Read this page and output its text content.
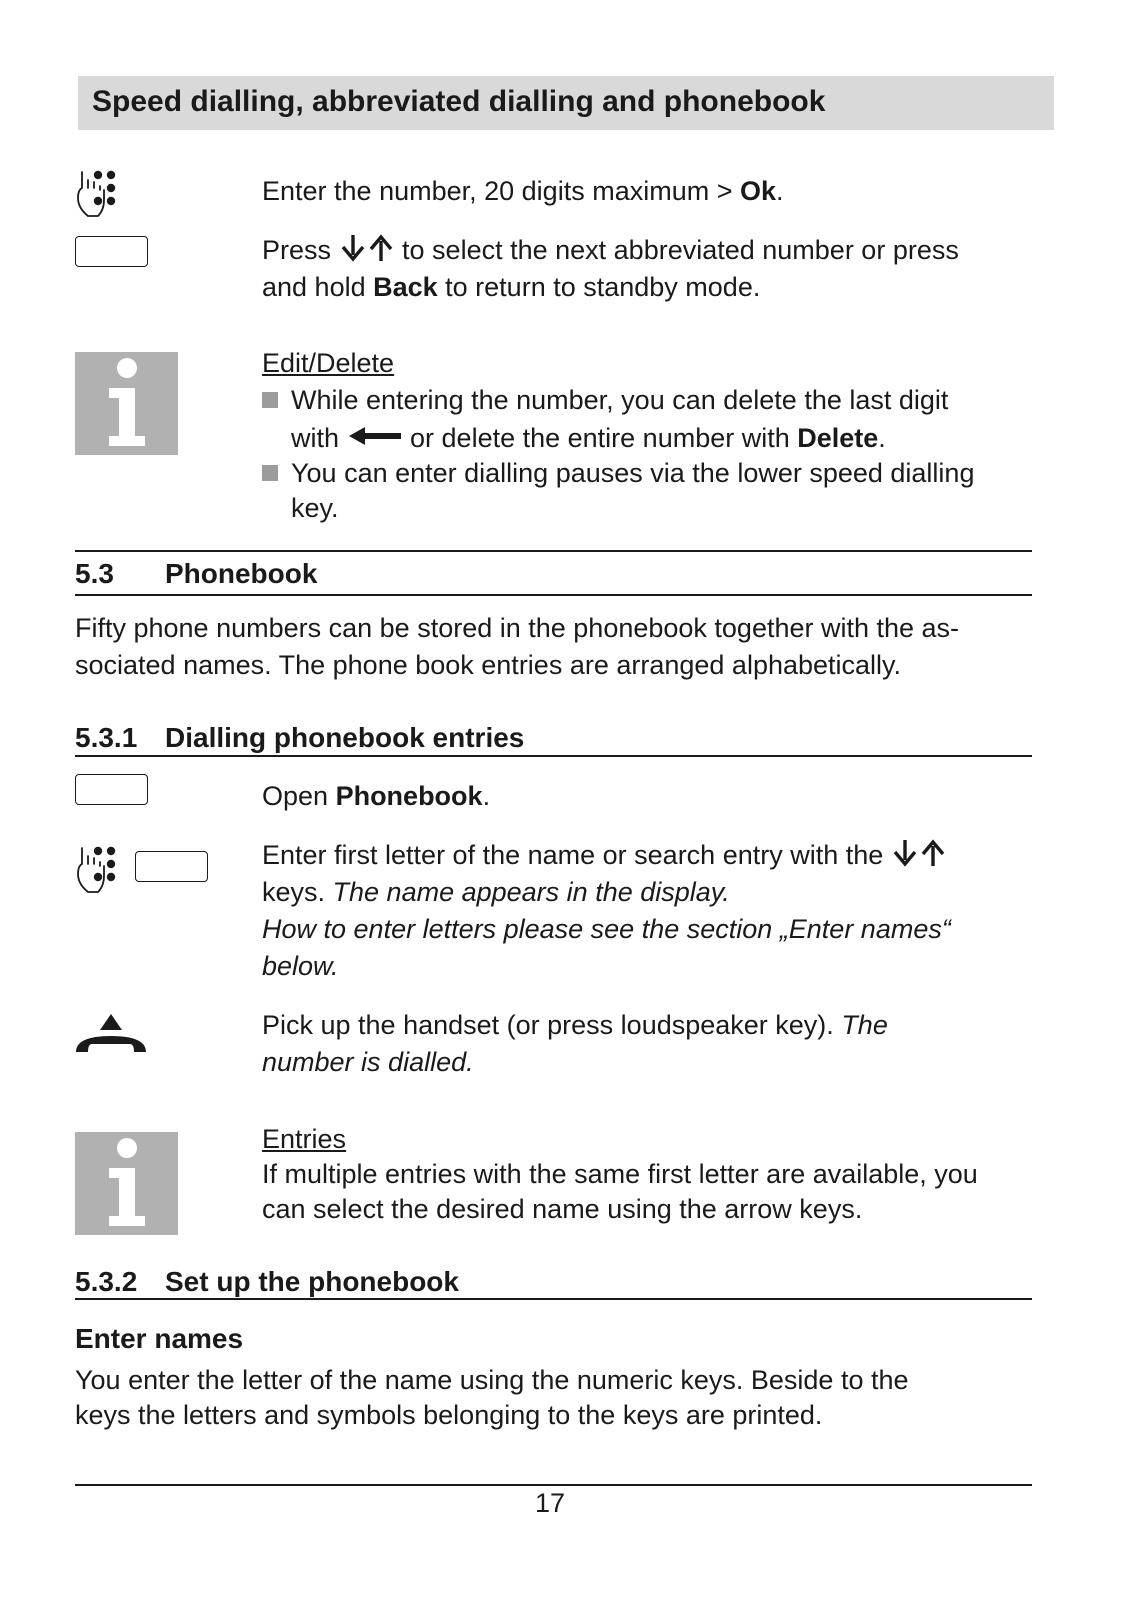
Speed dialling, abbreviated dialling and phonebook
Enter the number, 20 digits maximum > Ok.
Press  to select the next abbreviated number or press
and hold Back to return to standby mode.
Edit/Delete
While entering the number, you can delete the last digit
with  or delete the entire number with Delete.
You can enter dialling pauses via the lower speed dialling
key.
5.3 Phonebook
Fifty phone numbers can be stored in the phonebook together with the as-
sociated names. The phone book entries are arranged alphabetically.
5.3.1 Dialling phonebook entries
Open Phonebook.
Enter first letter of the name or search entry with the
keys. The name appears in the display.
How to enter letters please see the section „Enter names“
below.
Pick up the handset (or press loudspeaker key). The
number is dialled.
Entries
If multiple entries with the same first letter are available, you
can select the desired name using the arrow keys.
5.3.2 Set up the phonebook
Enter names
You enter the letter of the name using the numeric keys. Beside to the
keys the letters and symbols belonging to the keys are printed.
17
